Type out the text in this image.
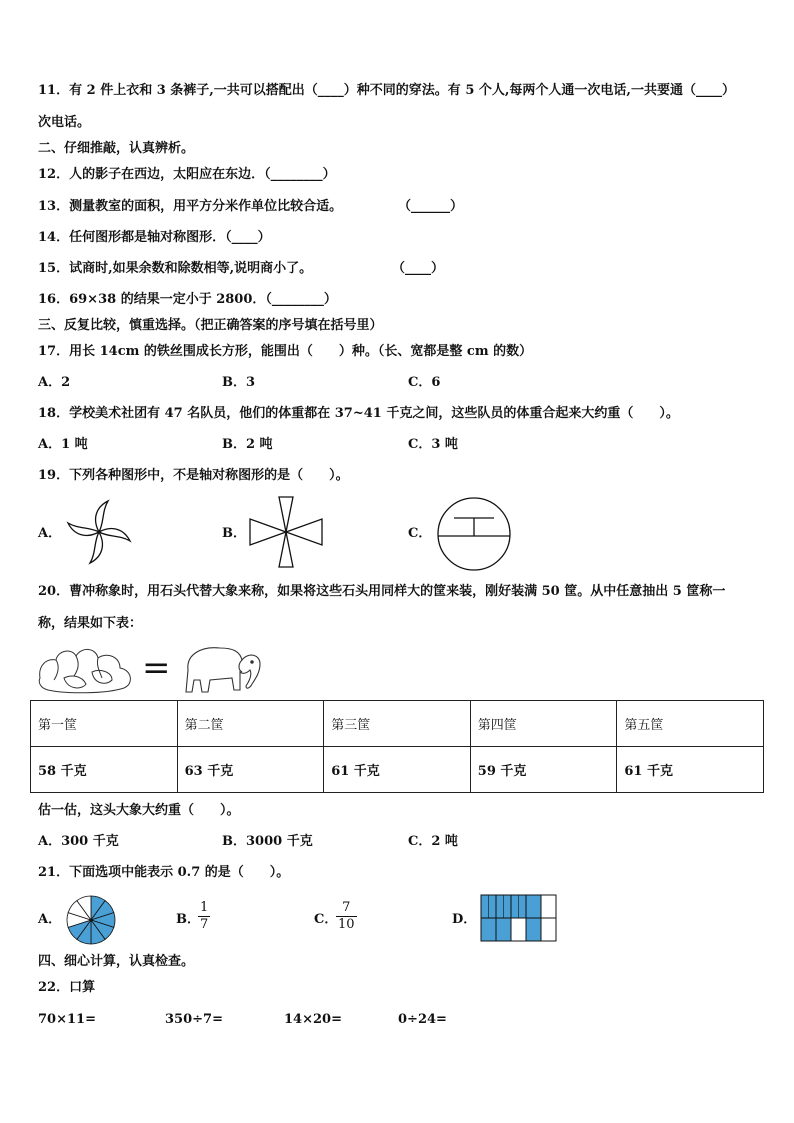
11．有 2 件上衣和 3 条裤子,一共可以搭配出（____）种不同的穿法。有 5 个人,每两个人通一次电话,一共要通（____）
次电话。
二、仔细推敲，认真辨析。
12．人的影子在西边，太阳应在东边．（________）
13．测量教室的面积，用平方分米作单位比较合适。	（______）
14．任何图形都是轴对称图形．（____）
15．试商时,如果余数和除数相等,说明商小了。	（____）
16．69×38 的结果一定小于 2800．（________）
三、反复比较，慎重选择。（把正确答案的序号填在括号里）
17．用长 14cm 的铁丝围成长方形，能围出（　　）种。（长、宽都是整 cm 的数）
A．2	B．3	C．6
18．学校美术社团有 47 名队员，他们的体重都在 37~41 千克之间，这些队员的体重合起来大约重（　　）。
A．1 吨	B．2 吨	C．3 吨
19．下列各种图形中，不是轴对称图形的是（　　）。
A．	B．	C．
20．曹冲称象时，用石头代替大象来称，如果将这些石头用同样大的筐来装，刚好装满 50 筐。从中任意抽出 5 筐称一
称，结果如下表：
=
第一筐	第二筐	第三筐	第四筐	第五筐
58 千克	63 千克	61 千克	59 千克	61 千克
估一估，这头大象大约重（　　）。
A．300 千克	B．3000 千克	C．2 吨
21．下面选项中能表示 0.7 的是（　　）。
A．	B．
$\frac{1}{7}$	C．
$\frac{7}{10}$	D．
四、细心计算，认真检查。
22．口算
70×11=	350÷7=	14×20=	0÷24=
